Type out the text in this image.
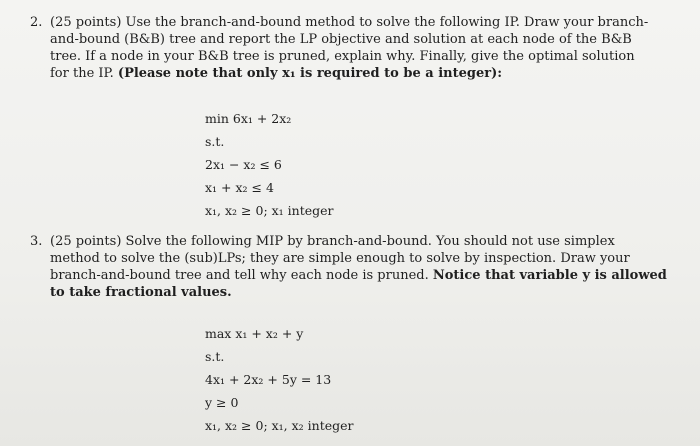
2. (25 points) Use the branch-and-bound method to solve the following IP. Draw your branch-
and-bound (B&B) tree and report the LP objective and solution at each node of the B&B
tree. If a node in your B&B tree is pruned, explain why. Finally, give the optimal solution
for the IP. (Please note that only x₁ is required to be a integer):
min 6x₁ + 2x₂
s.t.
2x₁ − x₂ ≤ 6
x₁ + x₂ ≤ 4
x₁, x₂ ≥ 0; x₁ integer
3. (25 points) Solve the following MIP by branch-and-bound. You should not use simplex
method to solve the (sub)LPs; they are simple enough to solve by inspection. Draw your
branch-and-bound tree and tell why each node is pruned. Notice that variable y is allowed
to take fractional values.
max x₁ + x₂ + y
s.t.
4x₁ + 2x₂ + 5y = 13
y ≥ 0
x₁, x₂ ≥ 0; x₁, x₂ integer
